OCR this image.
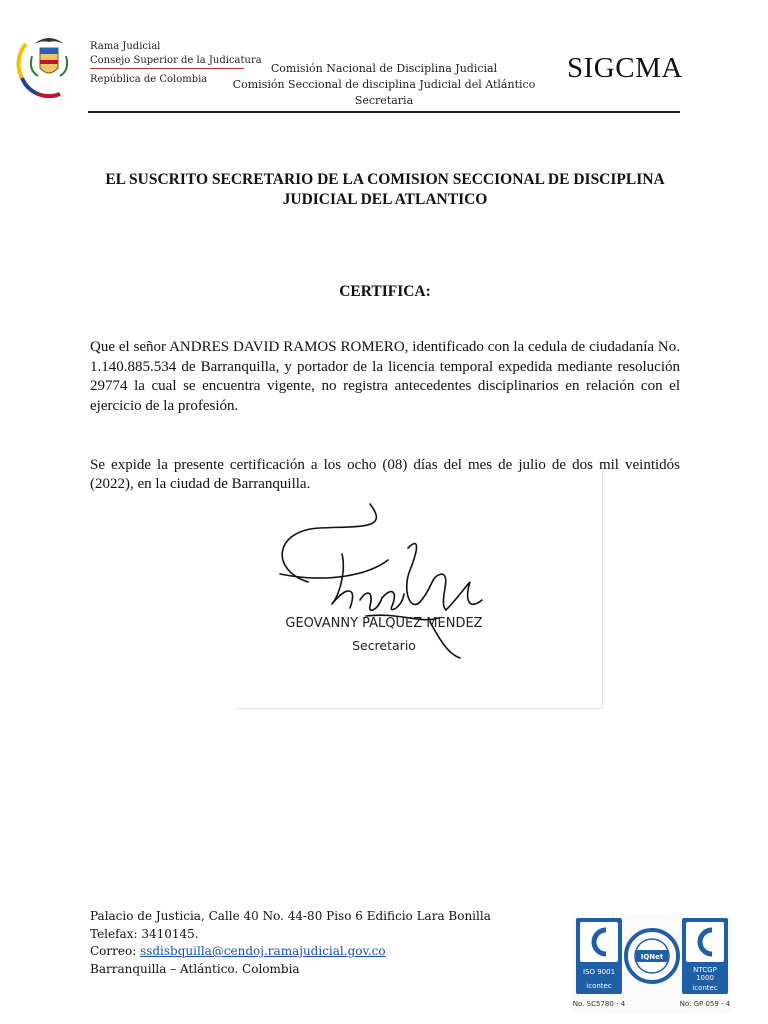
Rama Judicial
Consejo Superior de la Judicatura
República de Colombia
Comisión Nacional de Disciplina Judicial
Comisión Seccional de disciplina Judicial del Atlántico
Secretaria
SIGCMA
EL SUSCRITO SECRETARIO DE LA COMISION SECCIONAL DE DISCIPLINA JUDICIAL DEL ATLANTICO
CERTIFICA:
Que el señor ANDRES DAVID RAMOS ROMERO, identificado con la cedula de ciudadanía No. 1.140.885.534 de Barranquilla, y portador de la licencia temporal expedida mediante resolución 29774 la cual se encuentra vigente, no registra antecedentes disciplinarios en relación con el ejercicio de la profesión.
Se expide la presente certificación a los ocho (08) días del mes de julio de dos mil veintidós (2022), en la ciudad de Barranquilla.
GEOVANNY PALQUEZ MENDEZ
Secretario
Palacio de Justicia, Calle 40 No. 44-80 Piso 6 Edificio Lara Bonilla
Telefax: 3410145.
Correo: ssdisbquilla@cendoj.ramajudicial.gov.co
Barranquilla – Atlántico. Colombia	ISO 9001
icontec
No. SC5780 - 4
IQNet
NTCGP
1000
icontec
No. GP 059 - 4
